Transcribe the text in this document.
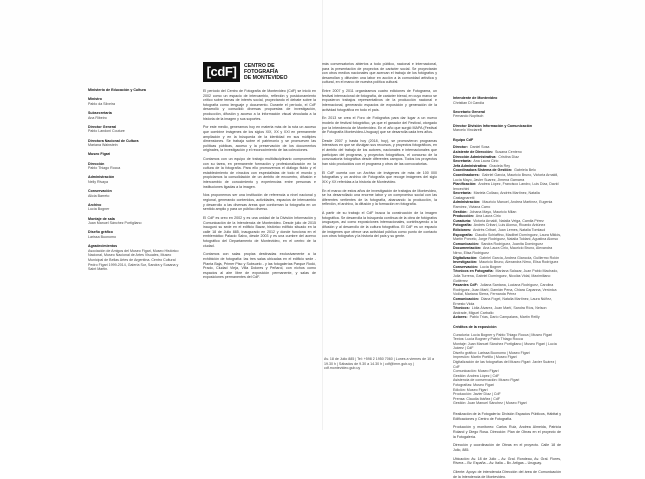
Ministerio de Educación y Cultura
Ministro
Pablo da Silveira
Subsecretaria
Ana Ribeiro
Director General
Pablo Landoni Couture
Directora Nacional de Cultura
Mariana Wainstein
Museo Figari
Dirección
Pablo Thiago Rocca
Administración
Nelly Rivaya
Conservación
Alicia Barreto
Archivo
Lucía Bogner
Montaje de sala
Juan Manuel Sánchez Portigliano
Diseño gráfico
Larissa Buonomo
Agradecimientos
Asociación de Amigos del Museo Figari, Museo Histórico Nacional, Museo Nacional de Artes Visuales, Museo Municipal de Bellas Artes de Argentina. Centro Cultural Pedro Figari 1999-2014, Galería Sur, Sandra y Susana y Saint Martin.
[cdF]	CENTRO DE
FOTOGRAFÍA
DE MONTEVIDEO

El período del Centro de Fotografía de Montevideo (CdF) se inició en 2002 como un espacio de intercambio, reflexión y posicionamiento crítico sobre temas de interés social, proyectando el debate sobre la fotografía como lenguaje y documento. Durante el período, el CdF desarrolló y consolidó diversas propuestas de investigación, producción, difusión y acceso a la información visual vinculada a la historia de la imagen y sus soportes.

Por este medio, generamos hoy en materia más de la ruta un acceso que combine imágenes de los siglos XIX, XX y XXI en permanente ampliación y en la búsqueda de la identidad en sus múltiples dimensiones. Se trabaja sobre el patrimonio y se promueven las políticas públicas, acceso y la preservación de los documentos originales, la investigación y el reconocimiento de las colecciones.

Contamos con un equipo de trabajo multidisciplinario comprometido con su tarea, en permanente formación y profesionalización en la cultura de la fotografía. Para ello promovemos el diálogo fluido y el establecimiento de vínculos con especialistas de todo el mundo y propiciamos la consolidación de un ámbito de encuentro, difusión e intercambio de conocimiento y experiencias entre personas e instituciones ligadas a la imagen.

Nos proponemos ser una institución de referencia a nivel nacional y regional, generando contenidos, actividades, espacios de intercambio y desarrollo a las diversas áreas que conforman la fotografía en un sentido amplio y para un público diverso.

El CdF es creo en 2002 y es una unidad de la División Información y Comunicación de la Intendencia de Montevideo. Desde julio de 2015 inauguró su sede en el edificio Bazar, histórico edificio situado en la calle 18 de Julio 885, inaugurado en 2012 y donde funciona en el emblemático Palacio Salvo, desde 2003 y es una cumbre del acervo fotográfico del Departamento de Montevideo, en el centro de la ciudad.

Contamos con salas propias destinadas exclusivamente a la exhibición de fotografía: las tres salas ubicadas en el edificio sede - Planta Baja, Primer Piso y Subsuelo - y las fotogalerías Parque Rodó, Prado, Ciudad Vieja, Villa Dolores y Peñarol, con nichos como espacios al aire libre de exposición permanente, y salas de exposiciones permanentes del CdF.

más conversatorios abiertos a todo público, nacional e internacional, para la presentación de proyectos de carácter social. Se proyectarán con otros medios nacionales que acercan el trabajo de los fotógrafos y desarrollan y difunden una labor en acción a la comunidad artística y cultural, en el marco de nuestra política cultural.

Entre 2007 y 2011 organizamos cuatro ediciones de Fotograma, un festival internacional de fotografía, de carácter bienal, en cuyo marco se expusieron trabajos representativos de la producción nacional e internacional, generando espacios de exposición y generación de la actividad fotográfica en todo el país.

En 2013 se crea el Foro de Fotógrafos para dar lugar a un nuevo modelo de festival fotográfico, ya que el ganador del Festival, otorgado por la Intendencia de Montevideo. En el año que surgió MAPA (Festival de Fotografía Montevideo-Uruguay) que se desarrolla cada tres años.

Desde 2007 y hasta hoy (2018, hoy), se promovieron programas intensivos en que se divulgan sus recursos, y proyectos fotográficos, en el ámbito del trabajo de los autores, nacionales e internacionales que participan del programa, y proyectos fotográficos, el concurso de la convocatoria fotográfica desde diferentes campos. Todos los proyectos han sido producidos con el programa y otros de las convocatorias.

El CdF cuenta con un Archivo de imágenes de más de 100 000 fotografías y un archivo de Fotografía que recoge imágenes del siglo XIX y XX referidas a la historia de Montevideo.

En el marco de estos años de investigación de trabajos de Montevideo, se ha desarrollado una enorme labor y un compromiso social con las diferentes vertientes de la fotografía, abarcando la producción, la reflexión, el archivo, la difusión y la formación en fotografía.

A partir de su trabajo el CdF busca la construcción de la imagen fotográfica. Se desarrolla la búsqueda continua de la obra de fotógrafos uruguayos, así como exposiciones internacionales, contribuyendo a la difusión y al desarrollo de la cultura fotográfica. El CdF es un espacio de imágenes que ofrece una actividad pública como punto de contacto con otros fotógrafos y la historia del país y su gente.

Av. 18 de Julio 885 | Tel: +598 2 1950 7060 | Lunes a viernes de 10 a 19.30 h | Sábados de 9.30 a 14.30 h | cdf@imm.gub.uy | cdf.montevideo.gub.uy
Intendente de Montevideo
Christian Di Candia
Secretario General
Fernando Nopitsch
Director División Información y Comunicación
Marcelo Vinciarelli
Equipo CdF
Director: Daniel Sosa
Asistente de Dirección: Susana Centeno
Dirección Administrativa: Cristina Díaz
Secretaría: Ana Laura Cirio
Jefa Administrativa: Graciela Rey
Coordinadora Sistema de Gestión: Gabriela Belo
Coordinadores: Gabriel García, Mauricio Bruno, Victoria Arnaldi, Lucía Mayo, Javier Suarez, Jimena Gamarra
Planificación: Andrea López, Francisco Landro, Luis Díaz, David Iencechini
Secretaría: Mariela Collazo, Andrés Martínez, Natalia Castagnaretti
Administración: Mauricio Manuel, Andrea Martínez, Eugenia Ramírez, Viviana Carro
Gestión: Johana Mayo, Mauricio Milan
Producción: Ana Laura Cirio
Curaduría: Victoria Arnaldi, Natalia Veiga, Camila Pérez
Fotografía: Andrés Cribari, Luis Alonso, Ricardo Antúnez
Ediciones: Andrés Cribari, Juan Lemes, Natalia Tomlaud
Espografía: Claudio Schiaffino, Madibel Domínguez, Laura Miklós, Martín Porcelo, Jorge Rodríguez, Natalia Toldanl, Agustina Alonso
Comunicación: Sandra Rodríguez, Juanita Domínguez
Documentación: Ana Laura Cirio, Mauricio Bruno, Alexandra Nirno, Elisa Rodríguez
Digitalización: Gabriel García, Andrea Giancola, Guillermo Rolón
Investigación: Mauricio Bruno, Alexandra Nirno, Elisa Rodríguez
Conservación: Lucía Bogner
Técnicos en Fotografía: Mariana Salazar, Juan Pablo Machado, Julia Turrena, Gabriel Domínguez, Nicolás Vidal, Maximiliano Gutiérrez
Pasantes CdF: Juliana Santana, Luciana Rodríguez, Carolina Rodríguez, Juan Martí, Damián Pena, Chiara Capanna, Verónica Vodial, Mariana Sierra, Fernanda Pérez
Comunicación: Diana Fogel, Natalia Martínez, Laura Núñez, Ernesto Viola
Técnicos: Lidia Álvarez, Juan Martí, Sandra Ríos, Nelson Andrade, Miguel Carballo
Actores: Pablo Trías, Darío Campalans, Martín Reilly
Créditos de la exposición
Curaduría: Lucía Bogner y Pablo Thiago Rocca | Museo Figari
Textos: Lucía Bogner y Pablo Thiago Rocca
Montaje: Juan Manuel Sánchez Portigliano | Museo Figari | Lucía Juárez | CdF
Diseño gráfico: Larissa Buonomo | Museo Figari
Impresión: Martín Portillo | Museo Figari
Digitalización de las fotografías del Museo Figari: Javier Suárez | CdF
Comunicación: Museo Figari
Gestión: Andrea López | CdF
Asistencia de conservación: Museo Figari
Fotografías: Museo Figari
Edición: Museo Figari
Producción: Javier Díaz | CdF
Prensa: Claudia Ibáñez | CdF
Gestión: Juan Manuel Sánchez | Museo Figari

Realización de la Fotogalería: División Espacios Públicos, Hábitat y Edificaciones y Centro de Fotografía.

Producción y monitoreo: Carlos Ruiz, Andrea Almeida, Patricia Roland y Diego Rosa. Dirección: Plan de Obras en el proyecto de la Fotogalería.

Dirección y coordinación de Obras en el proyecto. Calle 18 de Julio, 885.

Ubicación: Av. 18 de Julio – Av. Gral. Rondeau, Av. Gral. Flores, Rivera – Bv. España – Av. Italia – Bv. Artigas – Uruguay.

Cliente: Apoyo de intendencia Dirección del área de Comunicación de la Intendencia de Montevideo.
